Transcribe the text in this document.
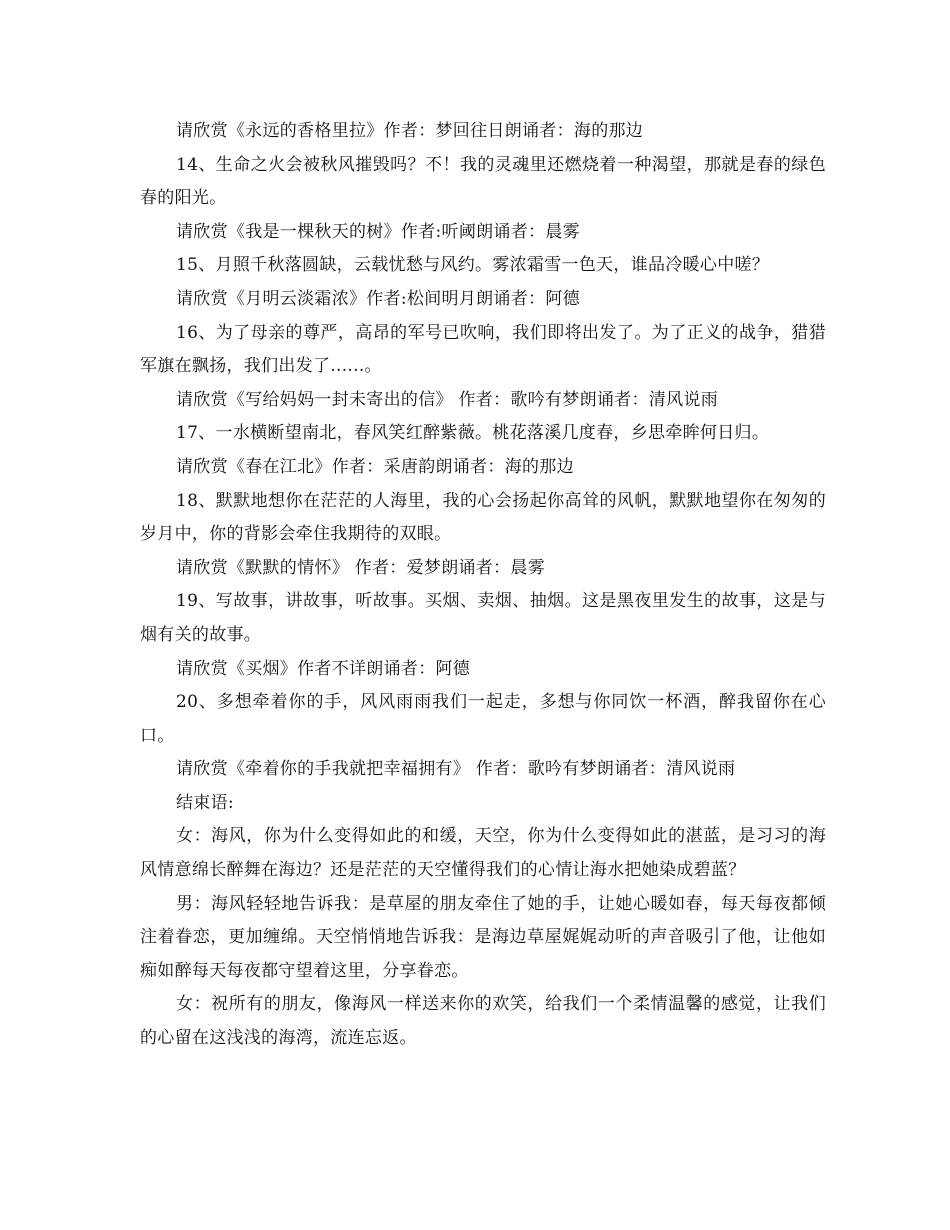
请欣赏《永远的香格里拉》作者：梦回往日朗诵者：海的那边

14、生命之火会被秋风摧毁吗？不！我的灵魂里还燃烧着一种渴望，那就是春的绿色春的阳光。

请欣赏《我是一棵秋天的树》作者:听阈朗诵者：晨雾

15、月照千秋落圆缺，云载忧愁与风约。雾浓霜雪一色天，谁品冷暖心中嗟？

请欣赏《月明云淡霜浓》作者:松间明月朗诵者：阿德

16、为了母亲的尊严，高昂的军号已吹响，我们即将出发了。为了正义的战争，猎猎军旗在飘扬，我们出发了......。

请欣赏《写给妈妈一封未寄出的信》 作者：歌吟有梦朗诵者：清风说雨

17、一水横断望南北，春风笑红醉紫薇。桃花落溪几度春，乡思牵眸何日归。

请欣赏《春在江北》作者：采唐韵朗诵者：海的那边

18、默默地想你在茫茫的人海里，我的心会扬起你高耸的风帆，默默地望你在匆匆的岁月中，你的背影会牵住我期待的双眼。

请欣赏《默默的情怀》 作者：爱梦朗诵者：晨雾

19、写故事，讲故事，听故事。买烟、卖烟、抽烟。这是黑夜里发生的故事，这是与烟有关的故事。

请欣赏《买烟》作者不详朗诵者：阿德

20、多想牵着你的手，风风雨雨我们一起走，多想与你同饮一杯酒，醉我留你在心口。

请欣赏《牵着你的手我就把幸福拥有》 作者：歌吟有梦朗诵者：清风说雨

结束语:

女：海风，你为什么变得如此的和缓，天空，你为什么变得如此的湛蓝，是习习的海风情意绵长醉舞在海边？还是茫茫的天空懂得我们的心情让海水把她染成碧蓝？

男：海风轻轻地告诉我：是草屋的朋友牵住了她的手，让她心暖如春，每天每夜都倾注着眷恋，更加缠绵。天空悄悄地告诉我：是海边草屋娓娓动听的声音吸引了他，让他如痴如醉每天每夜都守望着这里，分享眷恋。

女：祝所有的朋友，像海风一样送来你的欢笑，给我们一个柔情温馨的感觉，让我们的心留在这浅浅的海湾，流连忘返。
